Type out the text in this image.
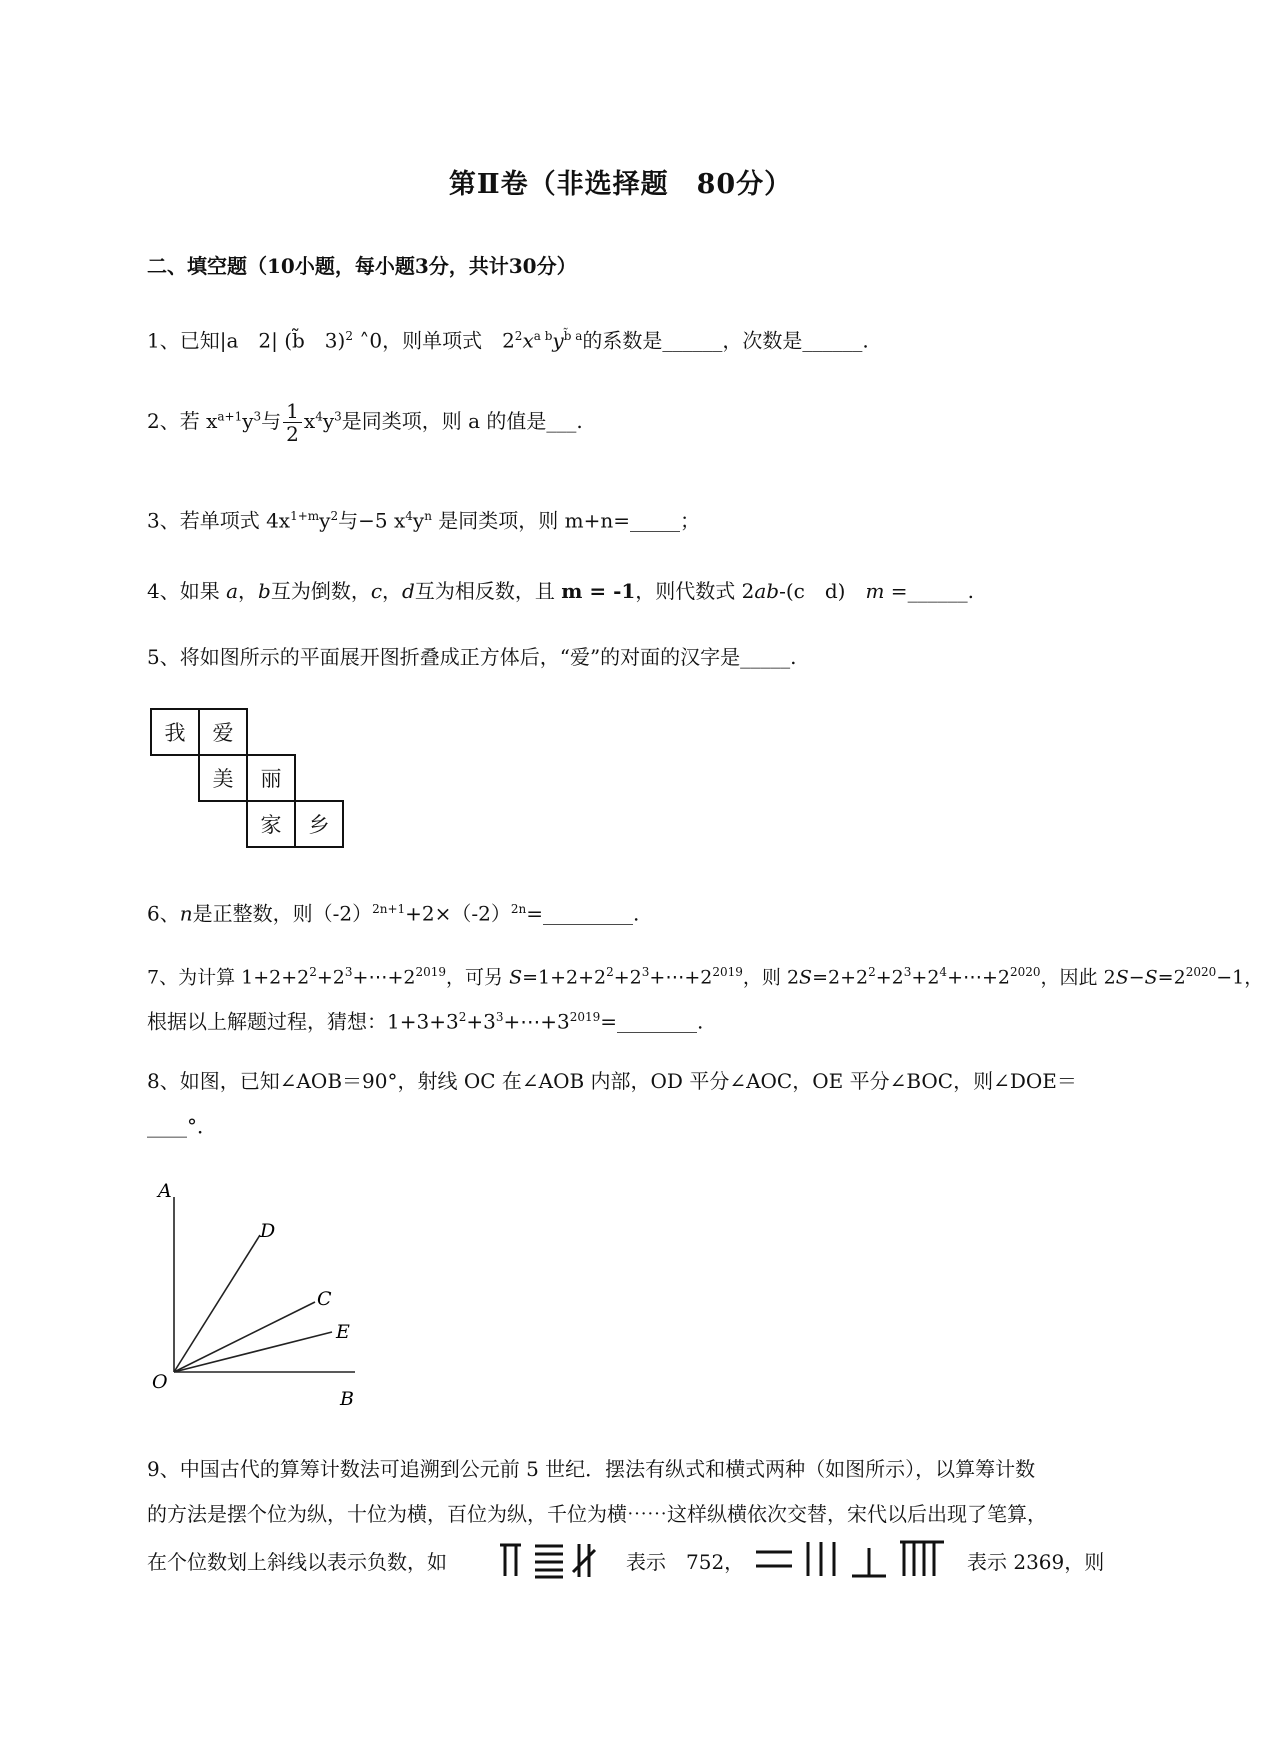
第Ⅱ卷（非选择题　80分）
二、填空题（10小题，每小题3分，共计30分）
1、已知|a　2| (b̃　3)$^2$ ˄0，则单项式　$2^2x^a$ $^by^{b̃}$ $^a$的系数是______，次数是______.
2、若 $x^{a+1}y^3$与 $\frac{1}{2} x^4y^3$是同类项，则 a 的值是___.
3、若单项式 $4x^{1+m}y^2$与−5 $x^4y^n$ 是同类项，则 m+n=_____；
4、如果 a，b互为倒数，c，d互为相反数，且 m = -1，则代数式 2ab-(c　d)　m =______.
5、将如图所示的平面展开图折叠成正方体后，“爱”的对面的汉字是_____.
我	爱
美	丽
家	乡
6、n是正整数，则$(-2)^{2n+1}+2\times(-2)^{2n}=\_\_\_\_\_\_\_\_\_$.
7、为计算 $1+2+2^2+2^3+\cdots+2^{2019}$，可另 $S=1+2+2^2+2^3+\cdots+2^{2019}$，则 $2S=2+2^2+2^3+2^4+\cdots+2^{2020}$，因此 $2S-S=2^{2020}-1$，
根据以上解题过程，猜想：$1+3+3^2+3^3+\cdots+3^{2019}=\_\_\_\_\_\_\_\_$.
8、如图，已知∠AOB＝90°，射线 OC 在∠AOB 内部，OD 平分∠AOC，OE 平分∠BOC，则∠DOE＝
____°．
A
D
C
E
O
B
9、中国古代的算筹计数法可追溯到公元前 5 世纪．摆法有纵式和横式两种（如图所示），以算筹计数
的方法是摆个位为纵，十位为横，百位为纵，千位为横⋯⋯这样纵横依次交替，宋代以后出现了笔算，
在个位数划上斜线以表示负数，如	表示　752，	表示 2369，则
